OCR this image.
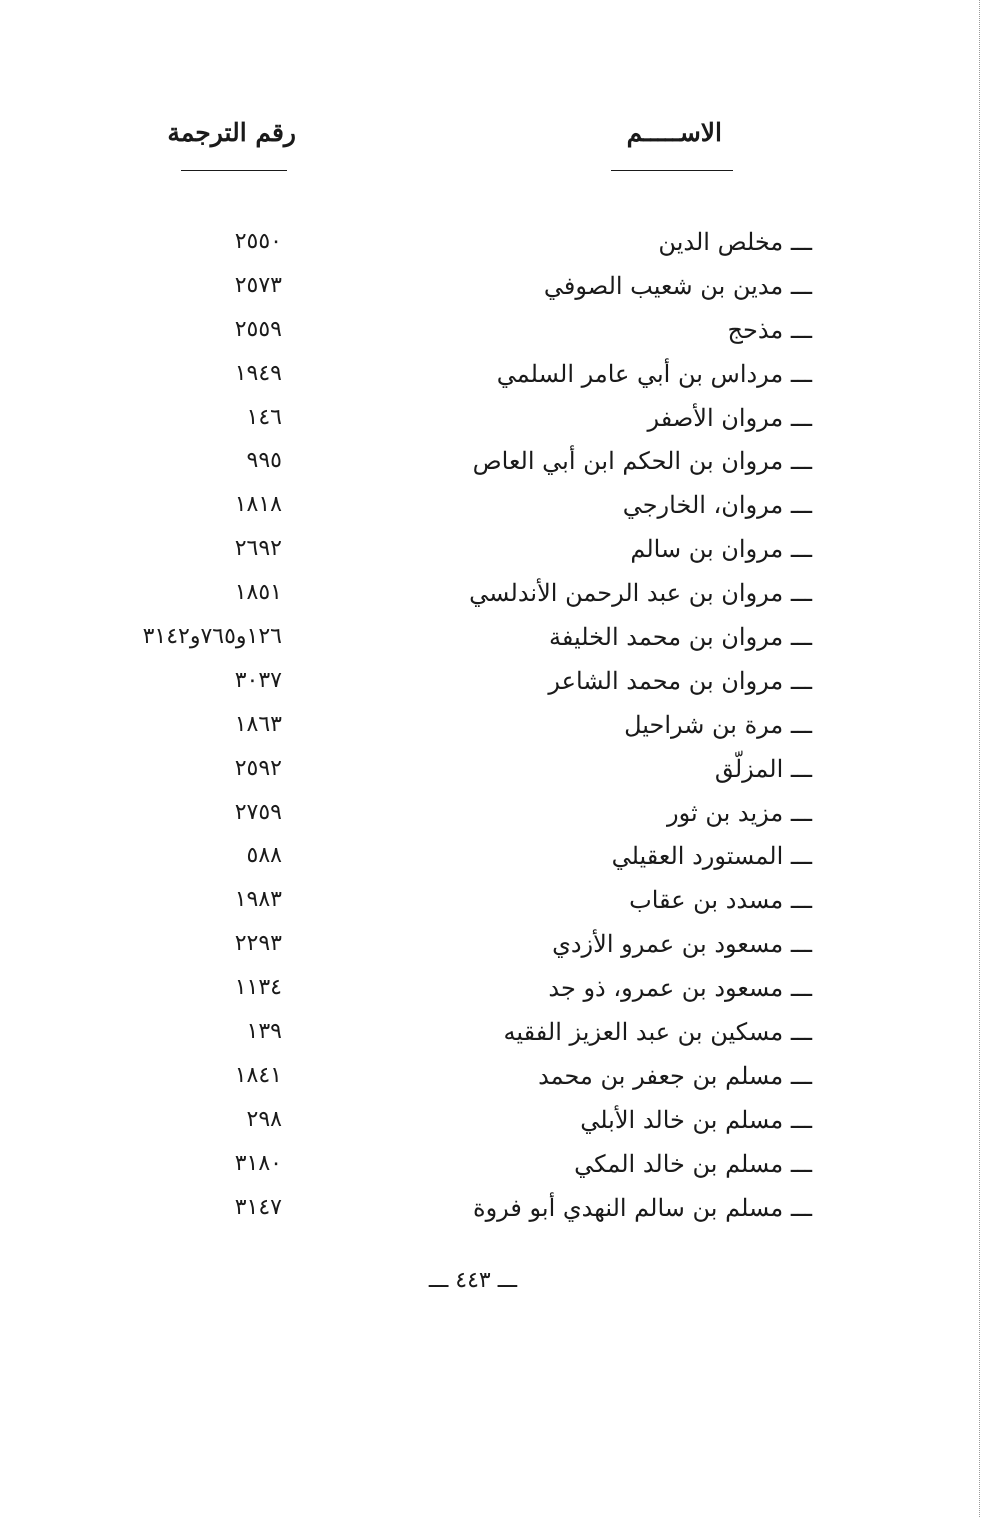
الاســـــم
رقم الترجمة
ـــ مخلص الدين
٢٥٥٠
ـــ مدين بن شعيب الصوفي
٢٥٧٣
ـــ مذحج
٢٥٥٩
ـــ مرداس بن أبي عامر السلمي
١٩٤٩
ـــ مروان الأصفر
١٤٦
ـــ مروان بن الحكم ابن أبي العاص
٩٩٥
ـــ مروان، الخارجي
١٨١٨
ـــ مروان بن سالم
٢٦٩٢
ـــ مروان بن عبد الرحمن الأندلسي
١٨٥١
ـــ مروان بن محمد الخليفة
١٢٦و٧٦٥و٣١٤٢
ـــ مروان بن محمد الشاعر
٣٠٣٧
ـــ مرة بن شراحيل
١٨٦٣
ـــ المزلّق
٢٥٩٢
ـــ مزيد بن ثور
٢٧٥٩
ـــ المستورد العقيلي
٥٨٨
ـــ مسدد بن عقاب
١٩٨٣
ـــ مسعود بن عمرو الأزدي
٢٢٩٣
ـــ مسعود بن عمرو، ذو جد
١١٣٤
ـــ مسكين بن عبد العزيز الفقيه
١٣٩
ـــ مسلم بن جعفر بن محمد
١٨٤١
ـــ مسلم بن خالد الأبلي
٢٩٨
ـــ مسلم بن خالد المكي
٣١٨٠
ـــ مسلم بن سالم النهدي أبو فروة
٣١٤٧
ـــ ٤٤٣ ـــ
